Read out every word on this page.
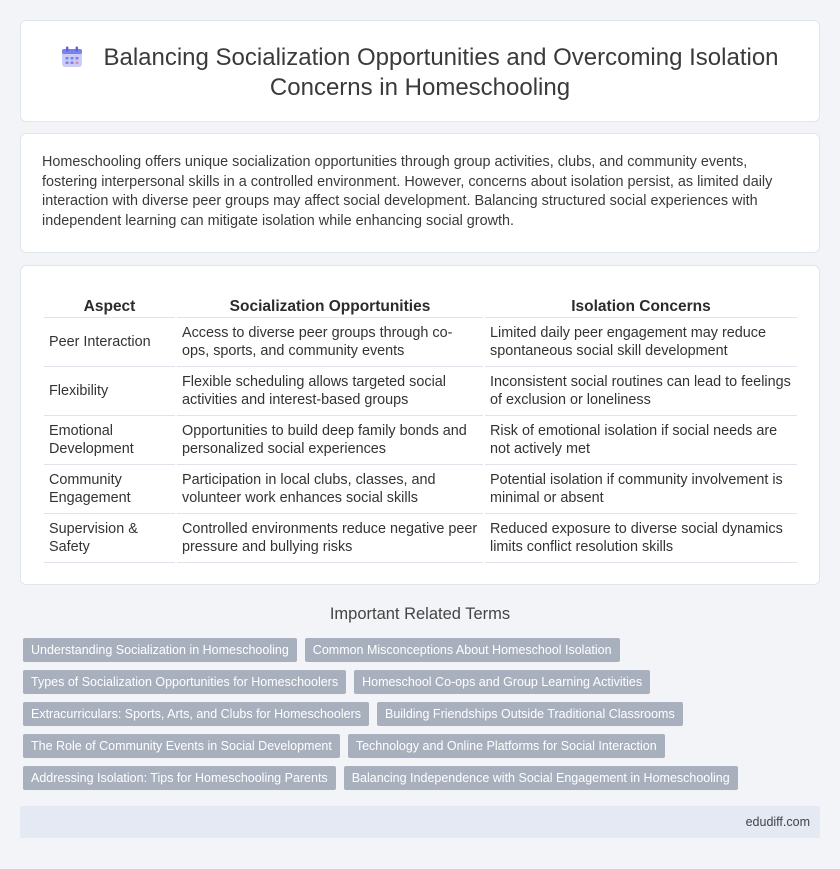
Balancing Socialization Opportunities and Overcoming Isolation Concerns in Homeschooling

Homeschooling offers unique socialization opportunities through group activities, clubs, and community events, fostering interpersonal skills in a controlled environment. However, concerns about isolation persist, as limited daily interaction with diverse peer groups may affect social development. Balancing structured social experiences with independent learning can mitigate isolation while enhancing social growth.

Aspect	Socialization Opportunities	Isolation Concerns
Peer Interaction	Access to diverse peer groups through co-ops, sports, and community events	Limited daily peer engagement may reduce spontaneous social skill development
Flexibility	Flexible scheduling allows targeted social activities and interest-based groups	Inconsistent social routines can lead to feelings of exclusion or loneliness
Emotional Development	Opportunities to build deep family bonds and personalized social experiences	Risk of emotional isolation if social needs are not actively met
Community Engagement	Participation in local clubs, classes, and volunteer work enhances social skills	Potential isolation if community involvement is minimal or absent
Supervision & Safety	Controlled environments reduce negative peer pressure and bullying risks	Reduced exposure to diverse social dynamics limits conflict resolution skills
Important Related Terms
Understanding Socialization in Homeschooling	Common Misconceptions About Homeschool Isolation
Types of Socialization Opportunities for Homeschoolers	Homeschool Co-ops and Group Learning Activities
Extracurriculars: Sports, Arts, and Clubs for Homeschoolers	Building Friendships Outside Traditional Classrooms
The Role of Community Events in Social Development	Technology and Online Platforms for Social Interaction
Addressing Isolation: Tips for Homeschooling Parents	Balancing Independence with Social Engagement in Homeschooling
edudiff.com
